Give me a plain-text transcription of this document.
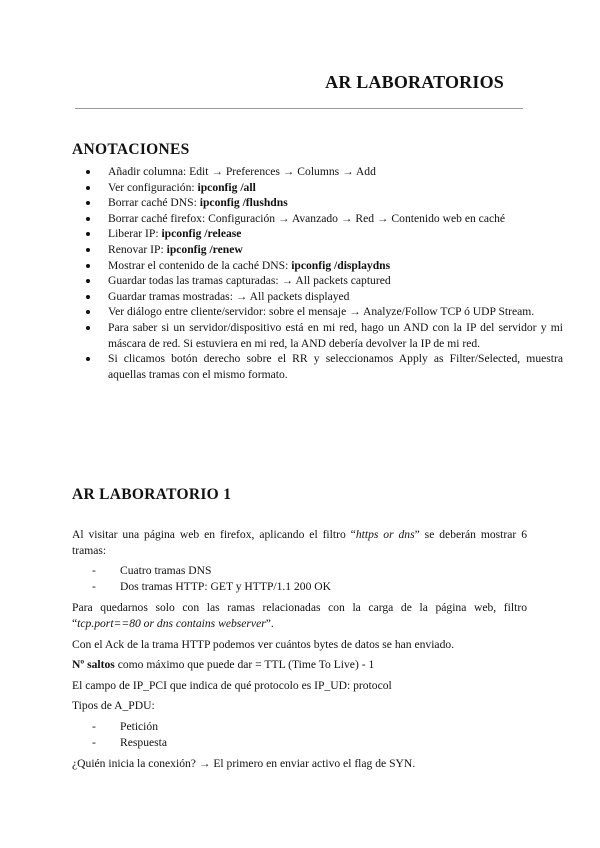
AR LABORATORIOS
ANOTACIONES
Añadir columna: Edit → Preferences → Columns → Add
Ver configuración: ipconfig /all
Borrar caché DNS: ipconfig /flushdns
Borrar caché firefox: Configuración → Avanzado → Red → Contenido web en caché
Liberar IP: ipconfig /release
Renovar IP: ipconfig /renew
Mostrar el contenido de la caché DNS: ipconfig /displaydns
Guardar todas las tramas capturadas: → All packets captured
Guardar tramas mostradas: → All packets displayed
Ver diálogo entre cliente/servidor: sobre el mensaje → Analyze/Follow TCP ó UDP Stream.
Para saber si un servidor/dispositivo está en mi red, hago un AND con la IP del servidor y mi máscara de red. Si estuviera en mi red, la AND debería devolver la IP de mi red.
Si clicamos botón derecho sobre el RR y seleccionamos Apply as Filter/Selected, muestra aquellas tramas con el mismo formato.
AR LABORATORIO 1

Al visitar una página web en firefox, aplicando el filtro “https or dns” se deberán mostrar 6 tramas:

- Cuatro tramas DNS
- Dos tramas HTTP: GET y HTTP/1.1 200 OK

Para quedarnos solo con las ramas relacionadas con la carga de la página web, filtro “tcp.port==80 or dns contains webserver”.

Con el Ack de la trama HTTP podemos ver cuántos bytes de datos se han enviado.

Nº saltos como máximo que puede dar = TTL (Time To Live) - 1

El campo de IP_PCI que indica de qué protocolo es IP_UD: protocol

Tipos de A_PDU:

- Petición
- Respuesta

¿Quién inicia la conexión? → El primero en enviar activo el flag de SYN.
